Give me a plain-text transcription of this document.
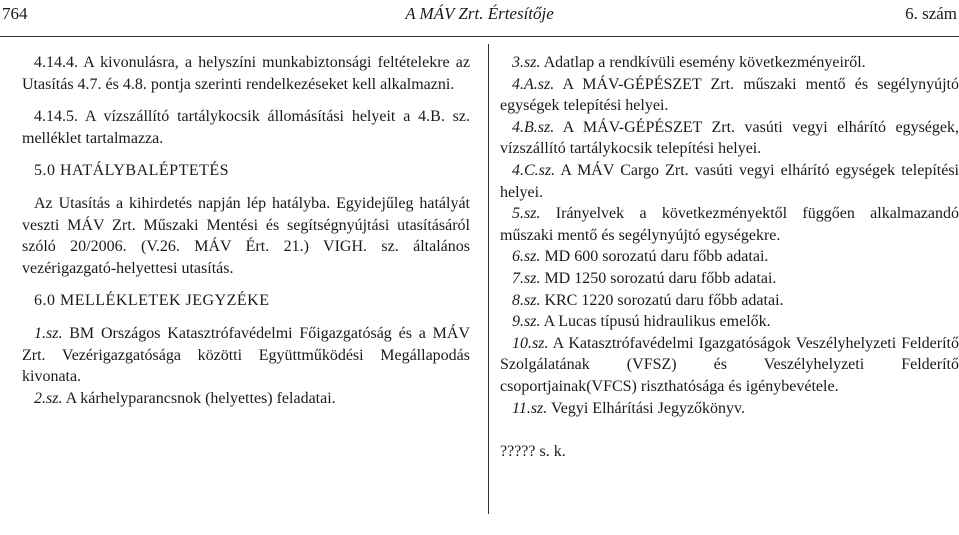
764	A MÁV Zrt. Értesítője	6. szám

4.14.4. A kivonulásra, a helyszíni munkabiztonsági feltételekre az Utasítás 4.7. és 4.8. pontja szerinti rendelkezéseket kell alkalmazni.

4.14.5. A vízszállító tartálykocsik állomásítási helyeit a 4.B. sz. melléklet tartalmazza.

5.0 HATÁLYBALÉPTETÉS

Az Utasítás a kihirdetés napján lép hatályba. Egyidejűleg hatályát veszti MÁV Zrt. Műszaki Mentési és segítségnyújtási utasításáról szóló 20/2006. (V.26. MÁV Ért. 21.) VIGH. sz. általános vezérigazgató-helyettesi utasítás.

6.0 MELLÉKLETEK JEGYZÉKE

1.sz. BM Országos Katasztrófavédelmi Főigazgatóság és a MÁV Zrt. Vezérigazgatósága közötti Együttműködési Megállapodás kivonata.

2.sz. A kárhelyparancsnok (helyettes) feladatai.

3.sz. Adatlap a rendkívüli esemény következményeiről.

4.A.sz. A MÁV-GÉPÉSZET Zrt. műszaki mentő és segélynyújtó egységek telepítési helyei.

4.B.sz. A MÁV-GÉPÉSZET Zrt. vasúti vegyi elhárító egységek, vízszállító tartálykocsik telepítési helyei.

4.C.sz. A MÁV Cargo Zrt. vasúti vegyi elhárító egységek telepítési helyei.

5.sz. Irányelvek a következményektől függően alkalmazandó műszaki mentő és segélynyújtó egységekre.

6.sz. MD 600 sorozatú daru főbb adatai.

7.sz. MD 1250 sorozatú daru főbb adatai.

8.sz. KRC 1220 sorozatú daru főbb adatai.

9.sz. A Lucas típusú hidraulikus emelők.

10.sz. A Katasztrófavédelmi Igazgatóságok Veszélyhelyzeti Felderítő Szolgálatának (VFSZ) és Veszélyhelyzeti Felderítő csoportjainak(VFCS) riszthatósága és igénybevétele.

11.sz. Vegyi Elhárítási Jegyzőkönyv.

????? s. k.
